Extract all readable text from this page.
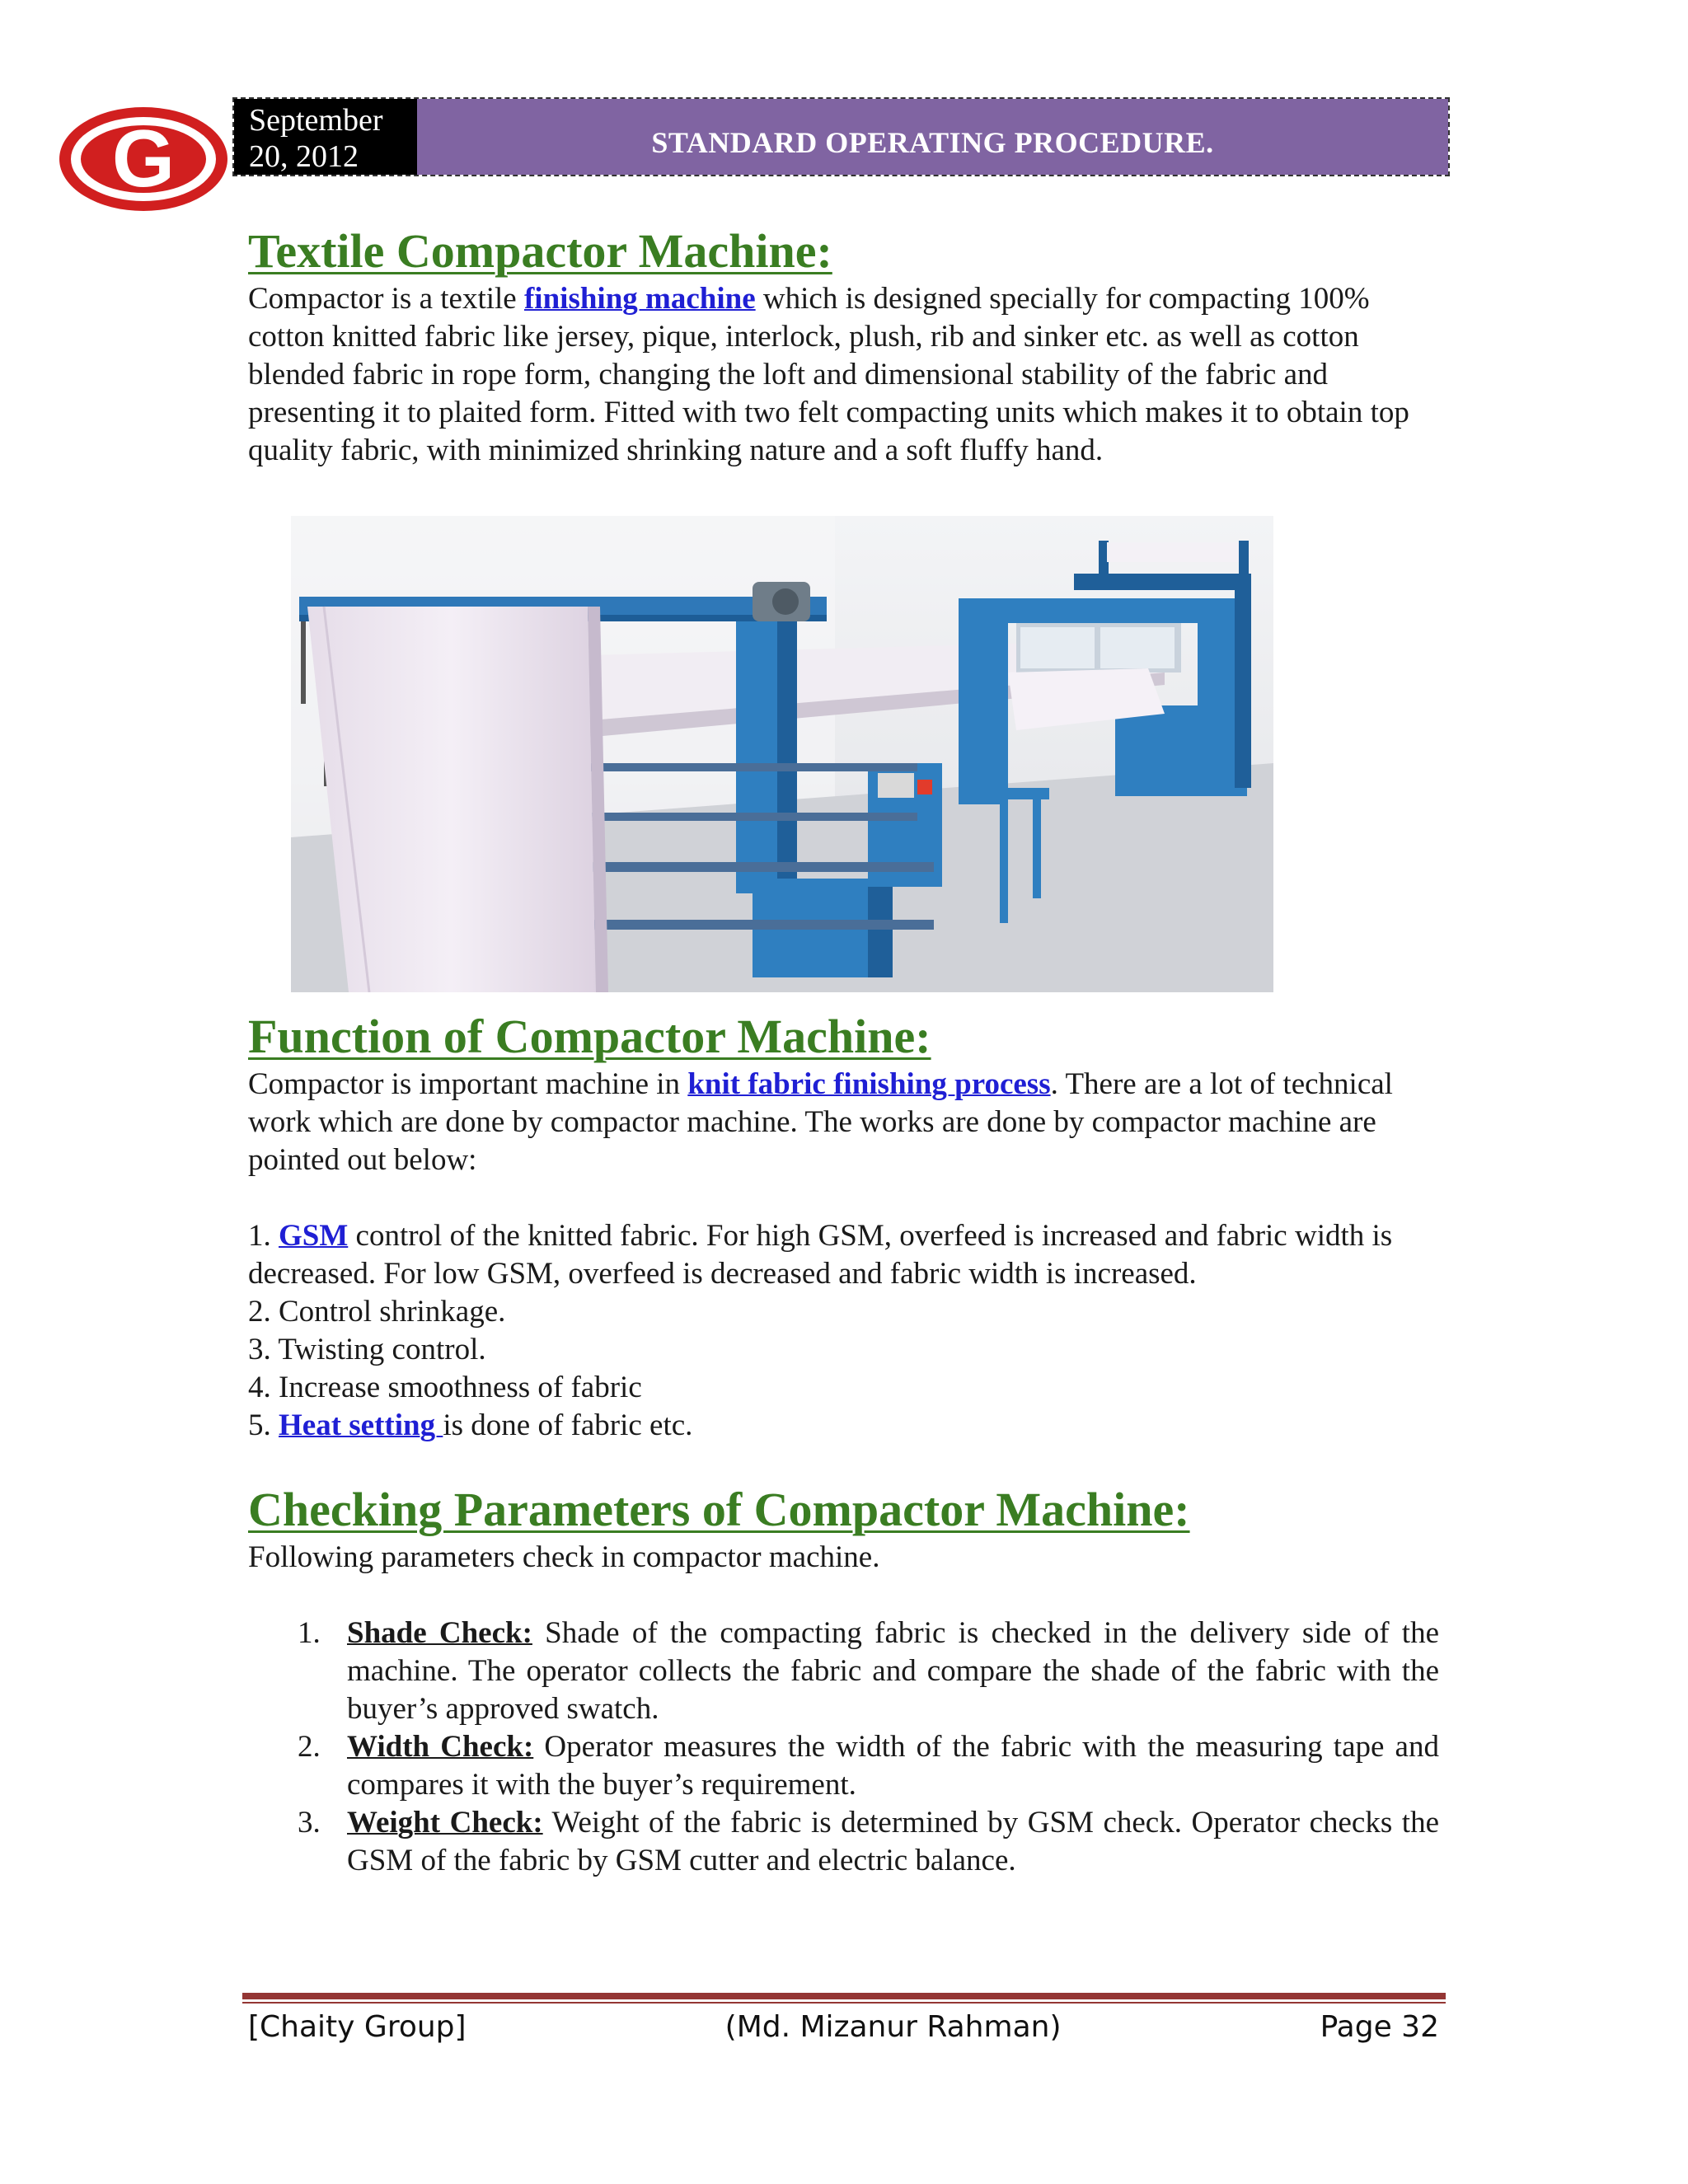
G September
20, 2012	STANDARD OPERATING PROCEDURE.
Textile Compactor Machine:

Compactor is a textile finishing machine which is designed specially for compacting 100% cotton knitted fabric like jersey, pique, interlock, plush, rib and sinker etc. as well as cotton blended fabric in rope form, changing the loft and dimensional stability of the fabric and presenting it to plaited form. Fitted with two felt compacting units which makes it to obtain top quality fabric, with minimized shrinking nature and a soft fluffy hand.

Function of Compactor Machine:

Compactor is important machine in knit fabric finishing process. There are a lot of technical work which are done by compactor machine. The works are done by compactor machine are pointed out below:

1. GSM control of the knitted fabric. For high GSM, overfeed is increased and fabric width is decreased. For low GSM, overfeed is decreased and fabric width is increased.
2. Control shrinkage.
3. Twisting control.
4. Increase smoothness of fabric
5. Heat setting is done of fabric etc.
Checking Parameters of Compactor Machine:

Following parameters check in compactor machine.

1. Shade Check: Shade of the compacting fabric is checked in the delivery side of the machine. The operator collects the fabric and compare the shade of the fabric with the buyer’s approved swatch.
2. Width Check: Operator measures the width of the fabric with the measuring tape and compares it with the buyer’s requirement.
3. Weight Check: Weight of the fabric is determined by GSM check. Operator checks the GSM of the fabric by GSM cutter and electric balance.
[Chaity Group]	(Md. Mizanur Rahman)	Page 32
